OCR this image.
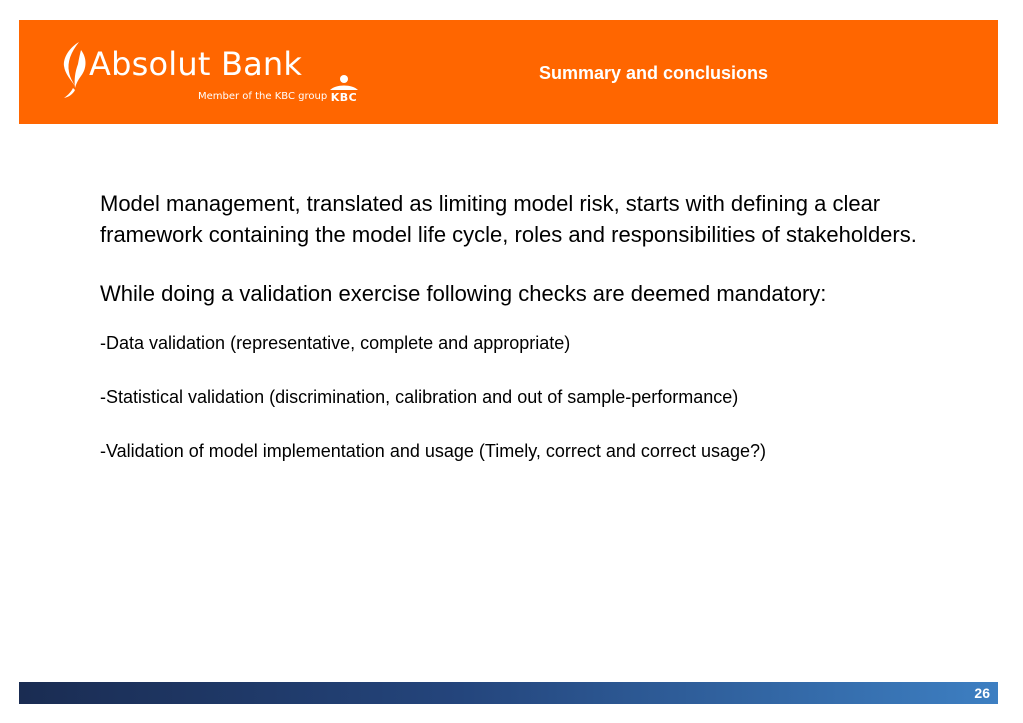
Absolut Bank
Member of the KBC group KBC
Summary and conclusions

Model management, translated as limiting model risk, starts with defining a clear framework containing the model life cycle, roles and responsibilities of stakeholders.

While doing a validation exercise following checks are deemed mandatory:

-Data validation (representative, complete and appropriate)

-Statistical validation (discrimination, calibration and out of sample-performance)

-Validation of model implementation and usage (Timely, correct and correct usage?)

26
